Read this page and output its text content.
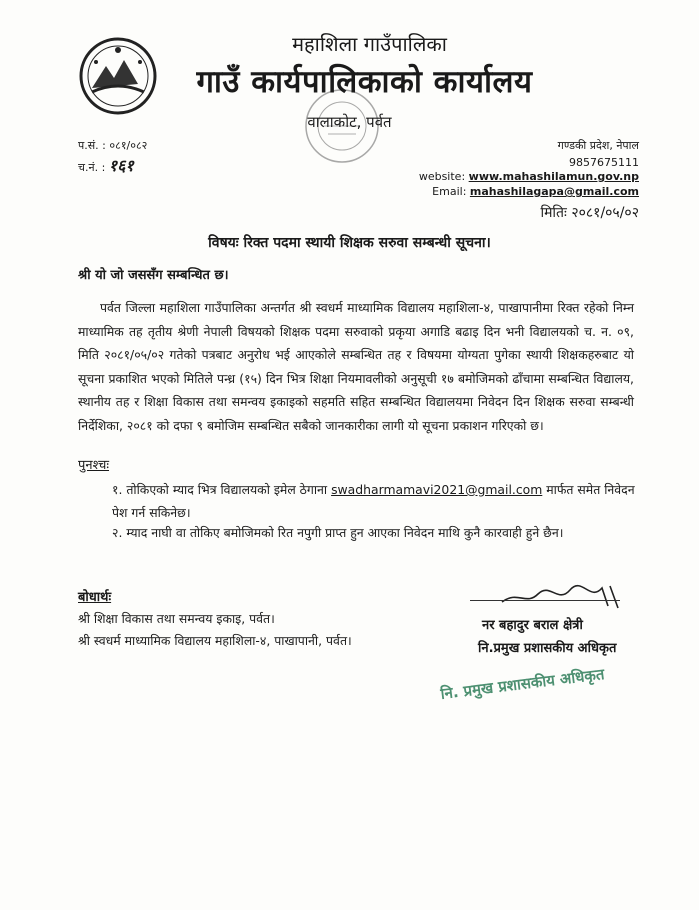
महाशिला गाउँपालिका
गाउँ कार्यपालिकाको कार्यालय
वालाकोट, पर्वत
प.सं. : ०८१/०८२
च.नं. : १६१
गण्डकी प्रदेश, नेपाल
9857675111
website: www.mahashilamun.gov.np
Email: mahashilagapa@gmail.com
मितिः २०८१/०५/०२
विषयः रिक्त पदमा स्थायी शिक्षक सरुवा सम्बन्धी सूचना।
श्री यो जो जससँग सम्बन्धित छ।
पर्वत जिल्ला महाशिला गाउँपालिका अन्तर्गत श्री स्वधर्म माध्यामिक विद्यालय महाशिला-४, पाखापानीमा रिक्त रहेको निम्न माध्यामिक तह तृतीय श्रेणी नेपाली विषयको शिक्षक पदमा सरुवाको प्रकृया अगाडि बढाइ दिन भनी विद्यालयको च. न. ०९, मिति २०८१/०५/०२ गतेको पत्रबाट अनुरोध भई आएकोले सम्बन्धित तह र विषयमा योग्यता पुगेका स्थायी शिक्षकहरुबाट यो सूचना प्रकाशित भएको मितिले पन्ध्र (१५) दिन भित्र शिक्षा नियमावलीको अनुसूची १७ बमोजिमको ढाँचामा सम्बन्धित विद्यालय, स्थानीय तह र शिक्षा विकास तथा समन्वय इकाइको सहमति सहित सम्बन्धित विद्यालयमा निवेदन दिन शिक्षक सरुवा सम्बन्धी निर्देशिका, २०८१ को दफा ९ बमोजिम सम्बन्धित सबैको जानकारीका लागी यो सूचना प्रकाशन गरिएको छ।
पुनश्चः
१. तोकिएको म्याद भित्र विद्यालयको इमेल ठेगाना swadharmamavi2021@gmail.com मार्फत समेत निवेदन पेश गर्न सकिनेछ।
२. म्याद नाघी वा तोकिए बमोजिमको रित नपुगी प्राप्त हुन आएका निवेदन माथि कुनै कारवाही हुने छैन।
बोधार्थः
श्री शिक्षा विकास तथा समन्वय इकाइ, पर्वत।
श्री स्वधर्म माध्यामिक विद्यालय महाशिला-४, पाखापानी, पर्वत।
नर बहादुर बराल क्षेत्री
नि.प्रमुख प्रशासकीय अधिकृत
नि. प्रमुख प्रशासकीय अधिकृत
